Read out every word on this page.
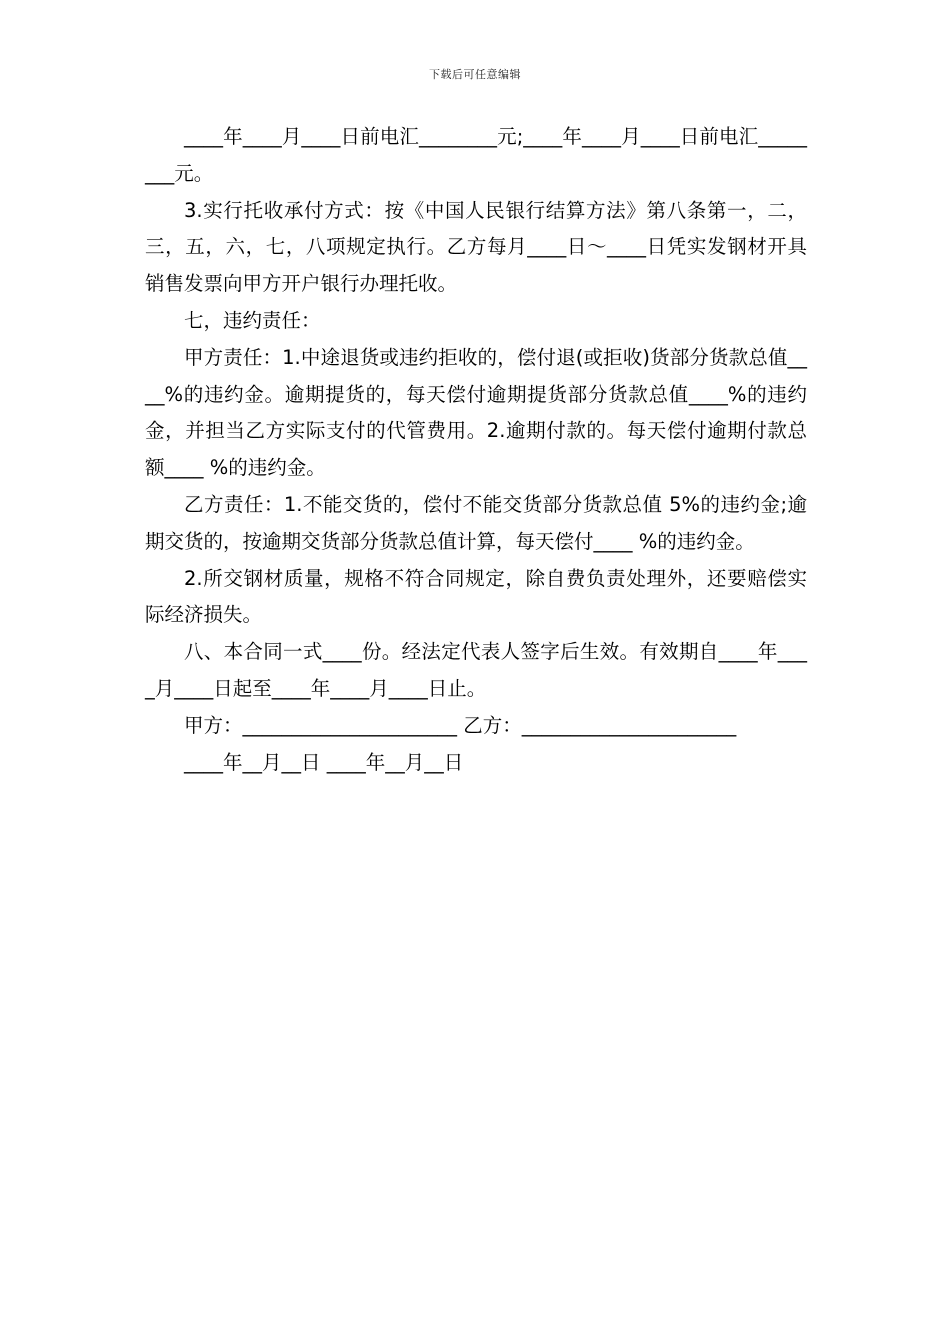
下载后可任意编辑

____年____月____日前电汇________元;____年____月____日前电汇________元。

3.实行托收承付方式：按《中国人民银行结算方法》第八条第一，二，三，五，六，七，八项规定执行。乙方每月____日～____日凭实发钢材开具销售发票向甲方开户银行办理托收。

七，违约责任：

甲方责任：1.中途退货或违约拒收的，偿付退(或拒收)货部分货款总值____%的违约金。逾期提货的，每天偿付逾期提货部分货款总值____%的违约金，并担当乙方实际支付的代管费用。2.逾期付款的。每天偿付逾期付款总额____ %的违约金。

乙方责任：1.不能交货的，偿付不能交货部分货款总值 5%的违约金;逾期交货的，按逾期交货部分货款总值计算，每天偿付____ %的违约金。

2.所交钢材质量，规格不符合同规定，除自费负责处理外，还要赔偿实际经济损失。

八、本合同一式____份。经法定代表人签字后生效。有效期自____年____月____日起至____年____月____日止。

甲方：______________________ 乙方：______________________

____年__月__日 ____年__月__日
